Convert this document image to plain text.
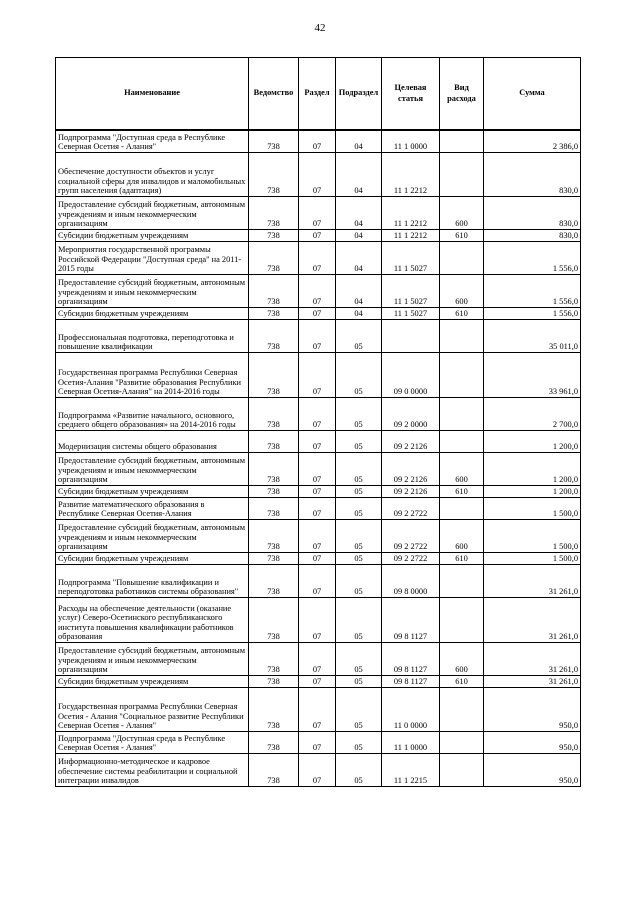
42
Наименование	Ведомство	Раздел	Подраздел	Целевая статья	Вид расхода	Сумма
Подпрограмма "Доступная среда в Республике Северная Осетия - Алания"	738	07	04	11 1 0000		2 386,0
Обеспечение доступности объектов и услуг социальной сферы для инвалидов и маломобильных групп населения (адаптация)	738	07	04	11 1 2212		830,0
Предоставление субсидий бюджетным, автономным учреждениям и иным некоммерческим организациям	738	07	04	11 1 2212	600	830,0
Субсидии бюджетным учреждениям	738	07	04	11 1 2212	610	830,0
Мероприятия государственной программы Российской Федерации "Доступная среда" на 2011-2015 годы	738	07	04	11 1 5027		1 556,0
Предоставление субсидий бюджетным, автономным учреждениям и иным некоммерческим организациям	738	07	04	11 1 5027	600	1 556,0
Субсидии бюджетным учреждениям	738	07	04	11 1 5027	610	1 556,0
Профессиональная подготовка, переподготовка и повышение квалификации	738	07	05			35 011,0
Государственная программа Республики Северная Осетия-Алания "Развитие образования Республики Северная Осетия-Алания" на 2014-2016 годы	738	07	05	09 0 0000		33 961,0
Подпрограмма «Развитие начального, основного, среднего общего образования» на 2014-2016 годы	738	07	05	09 2 0000		2 700,0
Модернизация системы общего образования	738	07	05	09 2 2126		1 200,0
Предоставление субсидий бюджетным, автономным учреждениям и иным некоммерческим организациям	738	07	05	09 2 2126	600	1 200,0
Субсидии бюджетным учреждениям	738	07	05	09 2 2126	610	1 200,0
Развитие математического образования в Республике Северная Осетия-Алания	738	07	05	09 2 2722		1 500,0
Предоставление субсидий бюджетным, автономным учреждениям и иным некоммерческим организациям	738	07	05	09 2 2722	600	1 500,0
Субсидии бюджетным учреждениям	738	07	05	09 2 2722	610	1 500,0
Подпрограмма "Повышение квалификации и переподготовка работников системы образования"	738	07	05	09 8 0000		31 261,0
Расходы на обеспечение деятельности (оказание услуг) Северо-Осетинского республиканского института повышения квалификации работников образования	738	07	05	09 8 1127		31 261,0
Предоставление субсидий бюджетным, автономным учреждениям и иным некоммерческим организациям	738	07	05	09 8 1127	600	31 261,0
Субсидии бюджетным учреждениям	738	07	05	09 8 1127	610	31 261,0
Государственная программа Республики Северная Осетия - Алания "Социальное развитие Республики Северная Осетия - Алания"	738	07	05	11 0 0000		950,0
Подпрограмма "Доступная среда в Республике Северная Осетия - Алания"	738	07	05	11 1 0000		950,0
Информационно-методическое и кадровое обеспечение системы реабилитации и социальной интеграции инвалидов	738	07	05	11 1 2215		950,0
